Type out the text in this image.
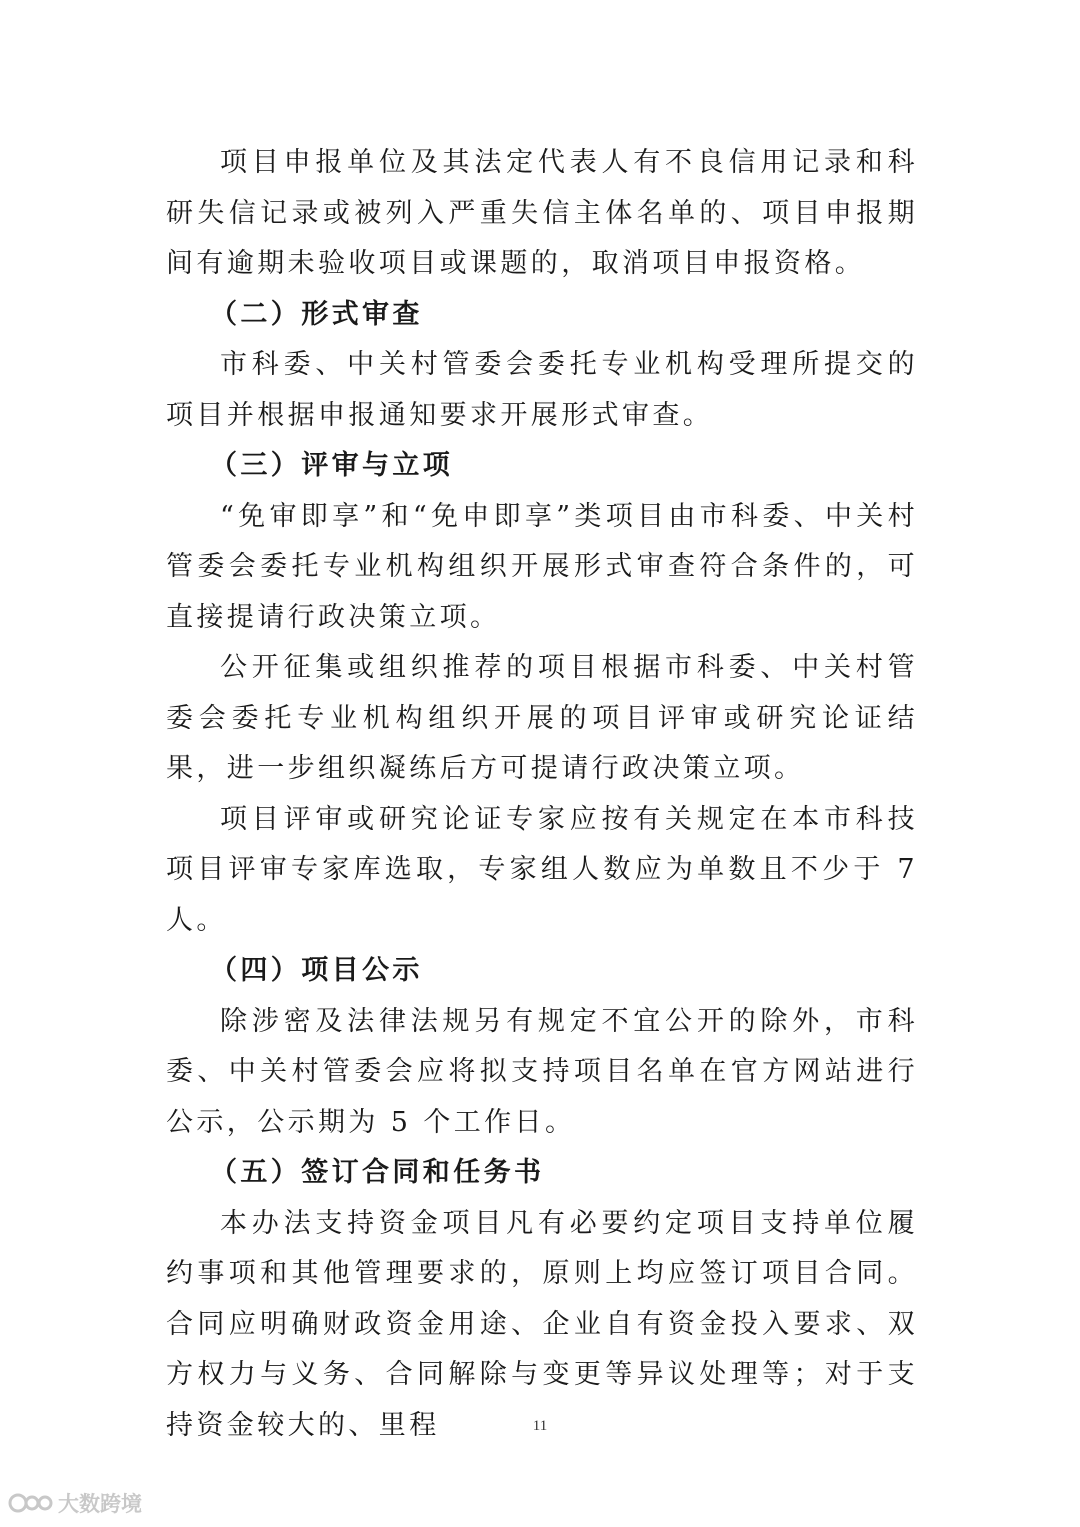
项目申报单位及其法定代表人有不良信用记录和科研失信记录或被列入严重失信主体名单的、项目申报期间有逾期未验收项目或课题的，取消项目申报资格。

（二）形式审查

市科委、中关村管委会委托专业机构受理所提交的项目并根据申报通知要求开展形式审查。

（三）评审与立项

“免审即享”和“免申即享”类项目由市科委、中关村管委会委托专业机构组织开展形式审查符合条件的，可直接提请行政决策立项。

公开征集或组织推荐的项目根据市科委、中关村管委会委托专业机构组织开展的项目评审或研究论证结果，进一步组织凝练后方可提请行政决策立项。

项目评审或研究论证专家应按有关规定在本市科技项目评审专家库选取，专家组人数应为单数且不少于 7 人。

（四）项目公示

除涉密及法律法规另有规定不宜公开的除外，市科委、中关村管委会应将拟支持项目名单在官方网站进行公示，公示期为 5 个工作日。

（五）签订合同和任务书

本办法支持资金项目凡有必要约定项目支持单位履约事项和其他管理要求的，原则上均应签订项目合同。合同应明确财政资金用途、企业自有资金投入要求、双方权力与义务、合同解除与变更等异议处理等；对于支持资金较大的、里程	11
大数跨境
